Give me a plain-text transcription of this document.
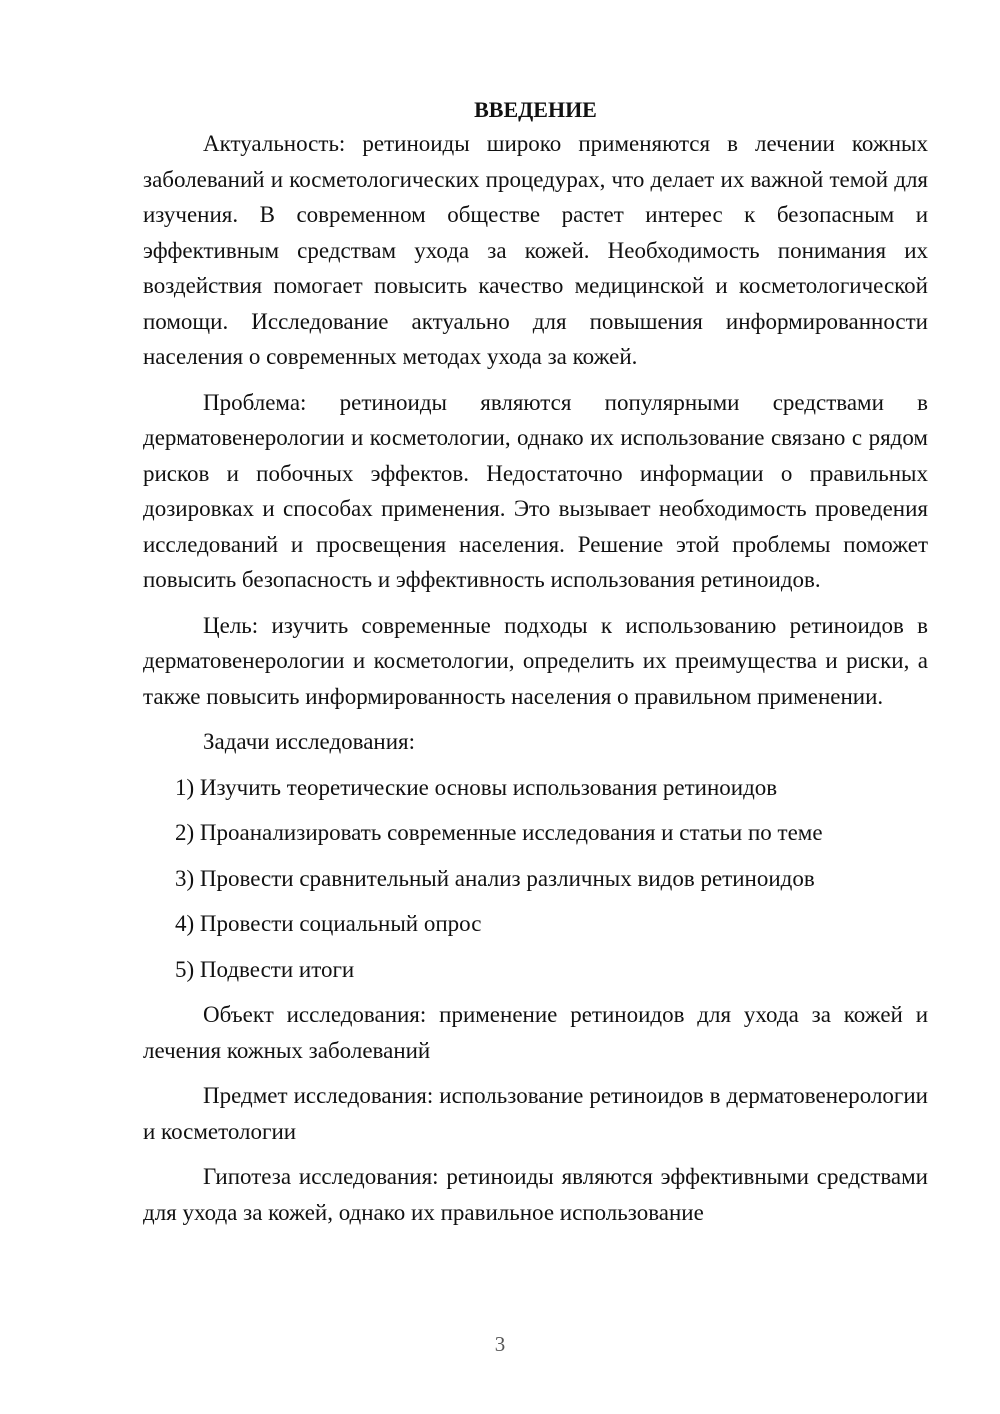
ВВЕДЕНИЕ

Актуальность: ретиноиды широко применяются в лечении кожных заболеваний и косметологических процедурах, что делает их важной темой для изучения. В современном обществе растет интерес к безопасным и эффективным средствам ухода за кожей. Необходимость понимания их воздействия помогает повысить качество медицинской и косметологической помощи. Исследование актуально для повышения информированности населения о современных методах ухода за кожей.

Проблема: ретиноиды являются популярными средствами в дерматовенерологии и косметологии, однако их использование связано с рядом рисков и побочных эффектов. Недостаточно информации о правильных дозировках и способах применения. Это вызывает необходимость проведения исследований и просвещения населения. Решение этой проблемы поможет повысить безопасность и эффективность использования ретиноидов.

Цель: изучить современные подходы к использованию ретиноидов в дерматовенерологии и косметологии, определить их преимущества и риски, а также повысить информированность населения о правильном применении.

Задачи исследования:

1) Изучить теоретические основы использования ретиноидов
2) Проанализировать современные исследования и статьи по теме
3) Провести сравнительный анализ различных видов ретиноидов
4) Провести социальный опрос
5) Подвести итоги

Объект исследования: применение ретиноидов для ухода за кожей и лечения кожных заболеваний

Предмет исследования: использование ретиноидов в дерматовенерологии и косметологии

Гипотеза исследования: ретиноиды являются эффективными средствами для ухода за кожей, однако их правильное использование

3
